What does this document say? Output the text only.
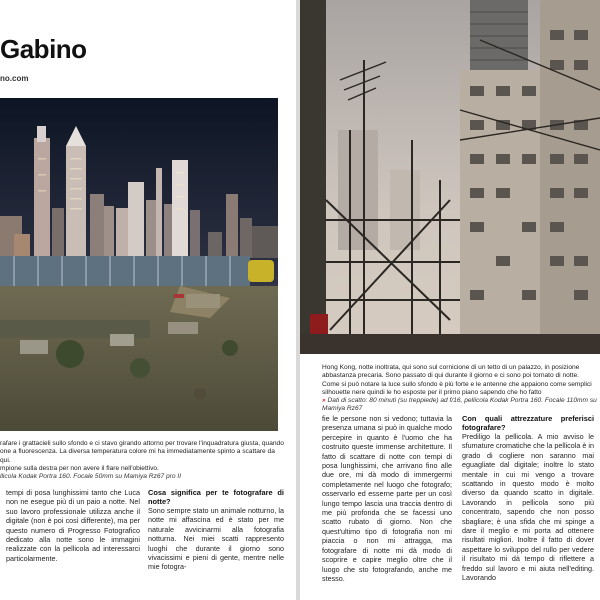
Gabino
no.com

rafare i grattacieli sullo sfondo e ci stavo girando attorno per trovare l'inquadratura giusta, quando

one a fluorescenza. La diversa temperatura colore mi ha immediatamente spinto a scattare da qui.

mpione sulla destra per non avere il flare nell'obiettivo.

llicola Kodak Portra 160. Focale 50mm su Mamiya Rz67 pro II

tempi di posa lunghissimi tanto che Luca non ne esegue più di un paio a notte. Nel suo lavoro professionale utilizza anche il digitale (non è poi così differente), ma per questo numero di Progresso Fotografico dedicato alla notte sono le immagini realizzate con la pellicola ad interessarci particolarmente.

Cosa significa per te fotografare di notte?

Sono sempre stato un animale notturno, la notte mi affascina ed è stato per me naturale avvicinarmi alla fotografia notturna. Nei miei scatti rappresento luoghi che durante il giorno sono vivacissimi e pieni di gente, mentre nelle mie fotogra-

Hong Kong, notte inoltrata, qui sono sul cornicione di un tetto di un palazzo, in posizione abbastanza precaria. Sono passato di qui durante il giorno e ci sono poi tornato di notte. Come si può notare la luce sullo sfondo è più forte e le antenne che appaiono come semplici silhouette nere quindi le ho esposte per il primo piano sapendo che ho fatto

» Dati di scatto: 80 minuti (su treppiede) ad f/16, pellicola Kodak Portra 160. Focale 110mm su Mamiya Rz67

fie le persone non si vedono; tuttavia la presenza umana si può in qualche modo percepire in quanto è l'uomo che ha costruito queste immense architetture. Il fatto di scattare di notte con tempi di posa lunghissimi, che arrivano fino alle due ore, mi dà modo di immergermi completamente nel luogo che fotografo; osservarlo ed esserne parte per un così lungo tempo lascia una traccia dentro di me più profonda che se facessi uno scatto rubato di giorno. Non che quest'ultimo tipo di fotografia non mi piaccia o non mi attragga, ma fotografare di notte mi dà modo di scoprire e capire meglio oltre che il luogo che sto fotografando, anche me stesso.

Con quali attrezzature preferisci fotografare?

Prediligo la pellicola. A mio avviso le sfumature cromatiche che la pellicola è in grado di cogliere non saranno mai eguagliate dal digitale; inoltre lo stato mentale in cui mi vengo a trovare scattando in questo modo è molto diverso da quando scatto in digitale. Lavorando in pellicola sono più concentrato, sapendo che non posso sbagliare; è una sfida che mi spinge a dare il meglio e mi porta ad ottenere risultati migliori. Inoltre il fatto di dover aspettare lo sviluppo del rullo per vedere il risultato mi dà tempo di riflettere a freddo sul lavoro e mi aiuta nell'editing. Lavorando
